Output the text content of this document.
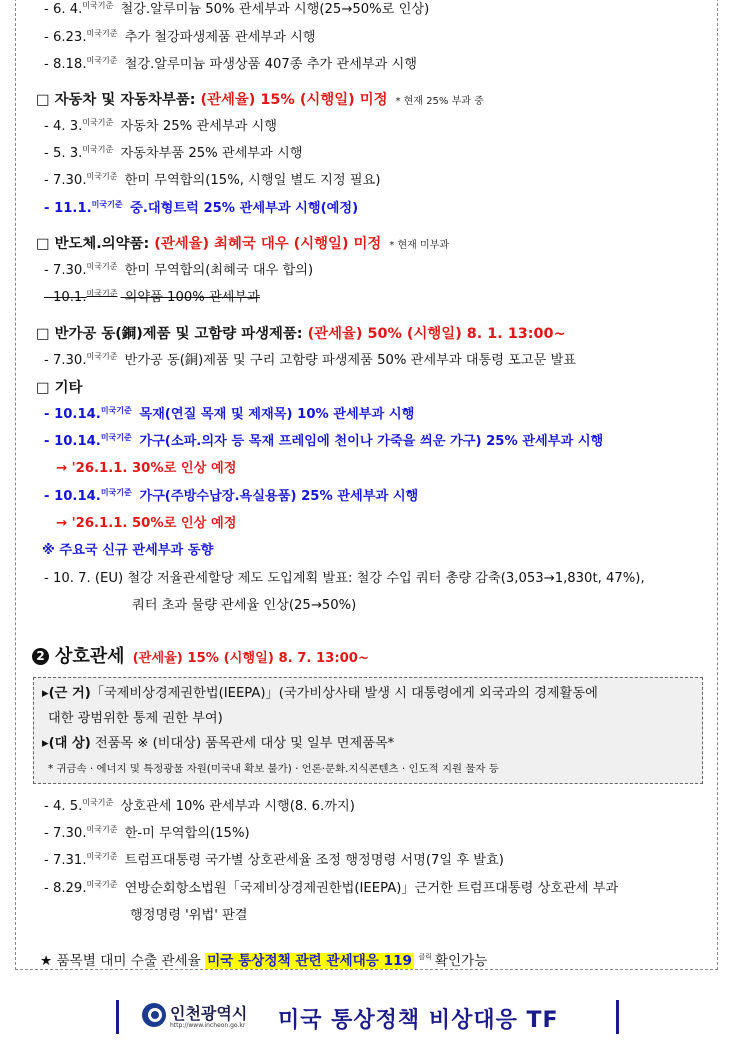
- 6. 4.$^{미국기준}$ 철강.알루미늄 50% 관세부과 시행(25→50%로 인상)
- 6.23.$^{미국기준}$ 추가 철강파생제품 관세부과 시행
- 8.18.$^{미국기준}$ 철강.알루미늄 파생상품 407종 추가 관세부과 시행
□ 자동차 및 자동차부품: (관세율) 15% (시행일) 미정 * 현재 25% 부과 중
- 4. 3.$^{미국기준}$ 자동차 25% 관세부과 시행
- 5. 3.$^{미국기준}$ 자동차부품 25% 관세부과 시행
- 7.30.$^{미국기준}$ 한미 무역합의(15%, 시행일 별도 지정 필요)
- 11.1.$^{미국기준}$ 중.대형트럭 25% 관세부과 시행(예정)
□ 반도체.의약품: (관세율) 최혜국 대우 (시행일) 미정 * 현재 미부과
- 7.30.$^{미국기준}$ 한미 무역합의(최혜국 대우 합의)
- 10.1.$^{미국기준}$ 의약품 100% 관세부과
□ 반가공 동(銅)제품 및 고함량 파생제품: (관세율) 50% (시행일) 8. 1. 13:00~
- 7.30.$^{미국기준}$ 반가공 동(銅)제품 및 구리 고함량 파생제품 50% 관세부과 대통령 포고문 발표
□ 기타
- 10.14.$^{미국기준}$ 목재(연질 목재 및 제재목) 10% 관세부과 시행
- 10.14.$^{미국기준}$ 가구(소파.의자 등 목재 프레임에 천이나 가죽을 씌운 가구) 25% 관세부과 시행
→ '26.1.1. 30%로 인상 예정
- 10.14.$^{미국기준}$ 가구(주방수납장.욕실용품) 25% 관세부과 시행
→ '26.1.1. 50%로 인상 예정
※ 주요국 신규 관세부과 동향
- 10. 7. (EU) 철강 저율관세할당 제도 도입계획 발표: 철강 수입 쿼터 총량 감축(3,053→1,830t, 47%),
쿼터 초과 물량 관세율 인상(25→50%)
2 상호관세 (관세율) 15% (시행일) 8. 7. 13:00~
▸(근 거)「국제비상경제권한법(IEEPA)」(국가비상사태 발생 시 대통령에게 외국과의 경제활동에
대한 광범위한 통제 권한 부여)
▸(대 상) 전품목 ※ (비대상) 품목관세 대상 및 일부 면제품목*
* 귀금속 · 에너지 및 특정광물 자원(미국내 확보 불가) · 언론·문화.지식콘텐츠 · 인도적 지원 물자 등
- 4. 5.$^{미국기준}$ 상호관세 10% 관세부과 시행(8. 6.까지)
- 7.30.$^{미국기준}$ 한-미 무역합의(15%)
- 7.31.$^{미국기준}$ 트럼프대통령 국가별 상호관세율 조정 행정명령 서명(7일 후 발효)
- 8.29.$^{미국기준}$ 연방순회항소법원「국제비상경제권한법(IEEPA)」근거한 트럼프대통령 상호관세 부과
행정명령 '위법' 판결
★ 품목별 대미 수출 관세율 미국 통상정책 관련 관세대응 119 $^{클릭}$ 확인가능
인천광역시
http://www.incheon.go.kr 미국 통상정책 비상대응 TF
